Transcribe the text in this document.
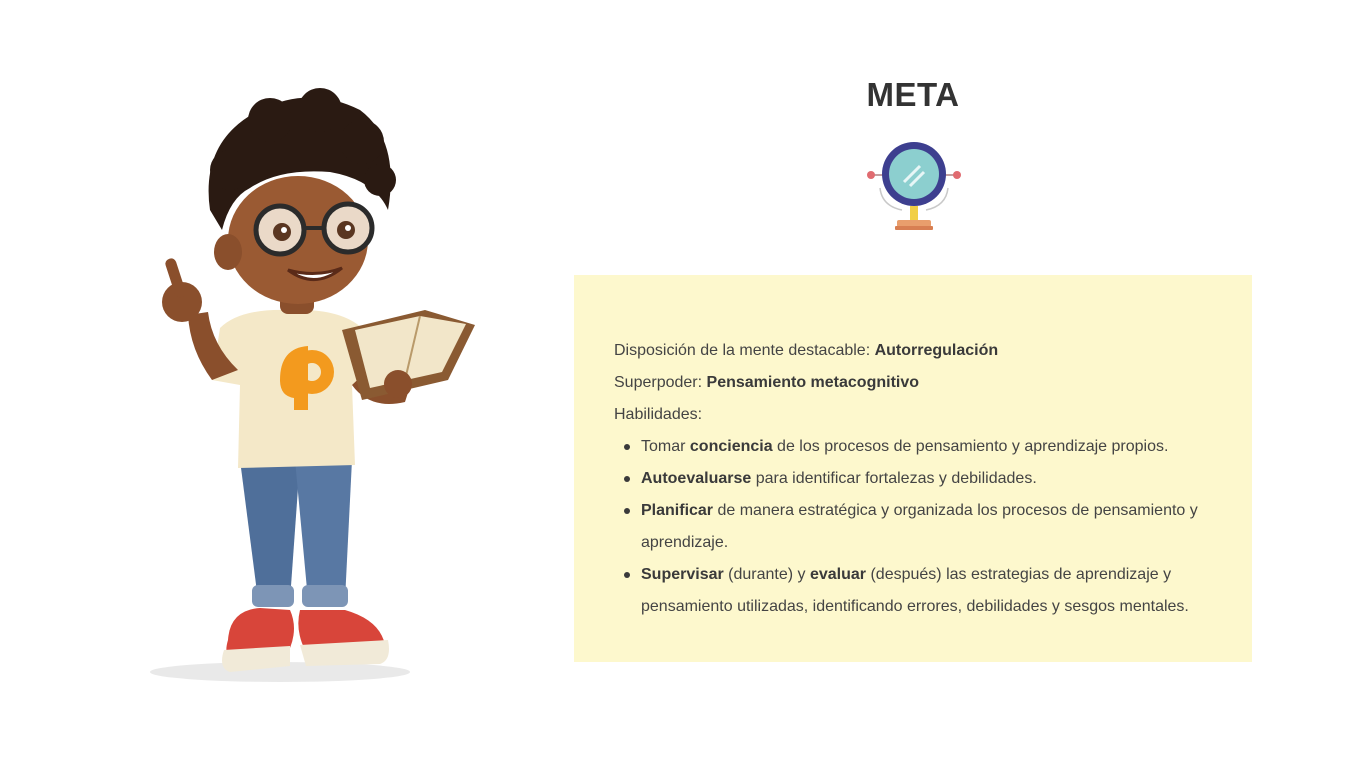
META
Disposición de la mente destacable: Autorregulación
Superpoder: Pensamiento metacognitivo
Habilidades:
Tomar conciencia de los procesos de pensamiento y aprendizaje propios.
Autoevaluarse para identificar fortalezas y debilidades.
Planificar de manera estratégica y organizada los procesos de pensamiento y aprendizaje.
Supervisar (durante) y evaluar (después) las estrategias de aprendizaje y pensamiento utilizadas, identificando errores, debilidades y sesgos mentales.
